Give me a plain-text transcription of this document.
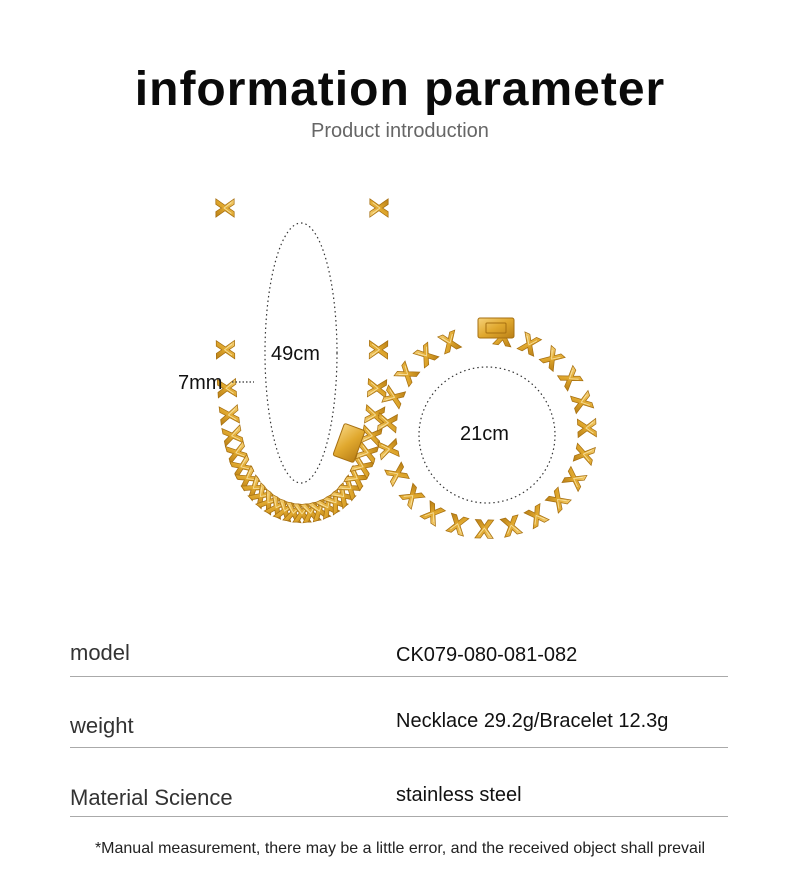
information parameter
Product introduction
49cm
7mm
21cm
model	CK079-080-081-082
weight	Necklace 29.2g/Bracelet 12.3g
Material Science	stainless steel
*Manual measurement, there may be a little error, and the received object shall prevail
